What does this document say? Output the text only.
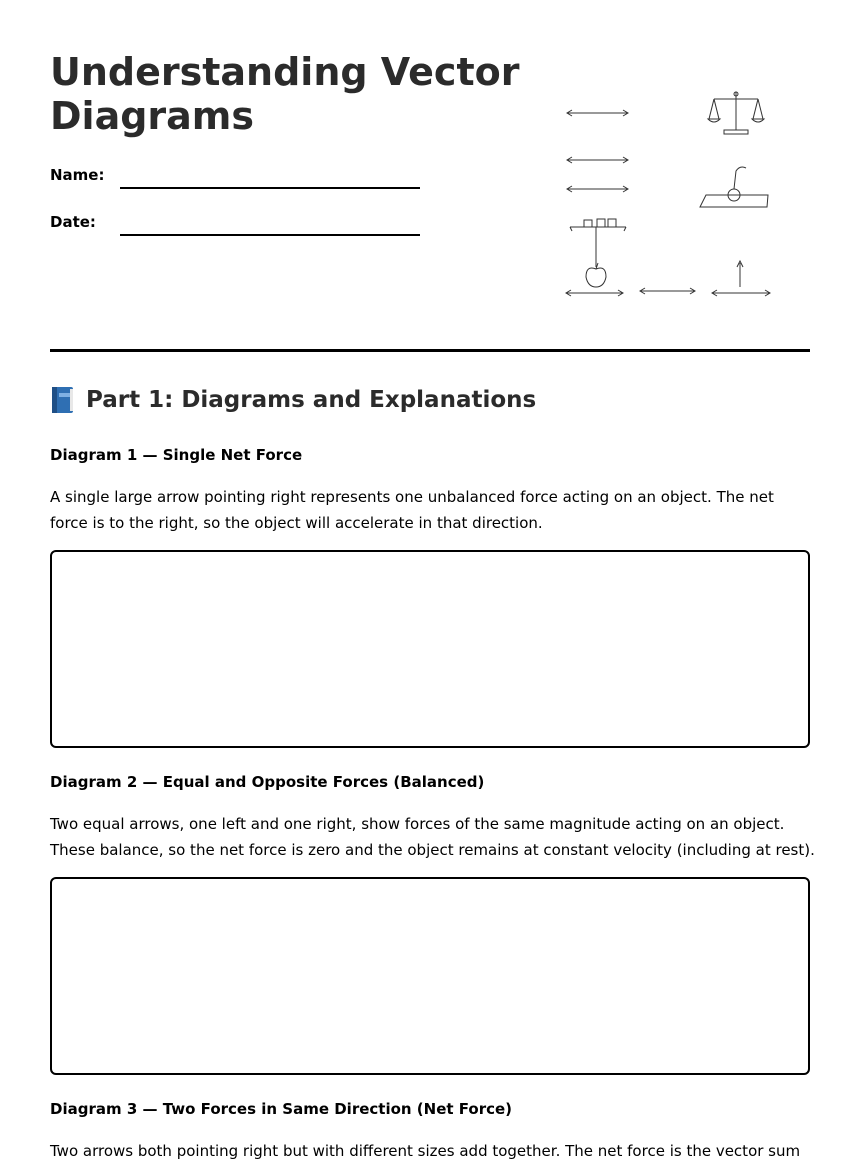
Understanding Vector Diagrams
Name:
Date:
Part 1: Diagrams and Explanations
Diagram 1 — Single Net Force

A single large arrow pointing right represents one unbalanced force acting on an object. The net force is to the right, so the object will accelerate in that direction.

Diagram 2 — Equal and Opposite Forces (Balanced)

Two equal arrows, one left and one right, show forces of the same magnitude acting on an object. These balance, so the net force is zero and the object remains at constant velocity (including at rest).

Diagram 3 — Two Forces in Same Direction (Net Force)

Two arrows both pointing right but with different sizes add together. The net force is the vector sum
